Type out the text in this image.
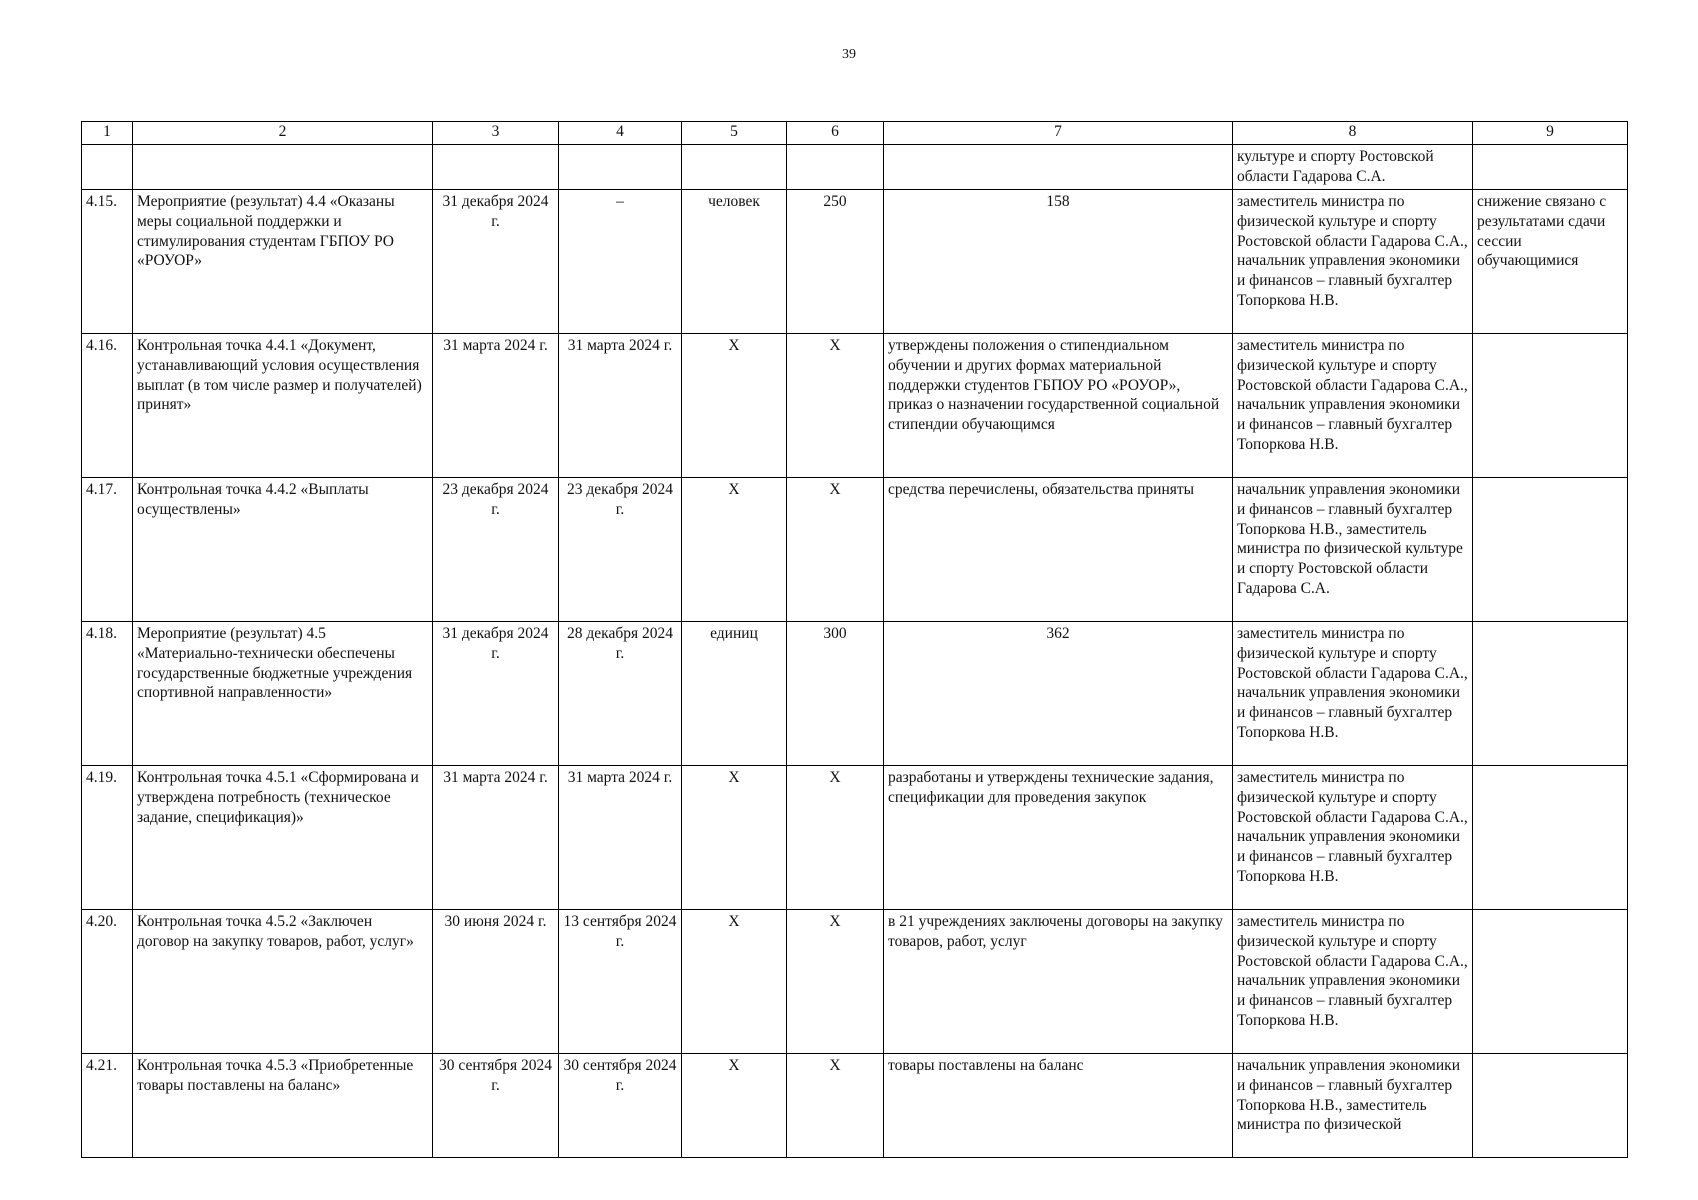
39
1	2	3	4	5	6	7	8	9
							культуре и спорту Ростовской области Гадарова С.А.	
4.15.	Мероприятие (результат) 4.4 «Оказаны меры социальной поддержки и стимулирования студентам ГБПОУ РО «РОУОР»	31 декабря 2024 г.	–	человек	250	158	заместитель министра по физической культуре и спорту Ростовской области Гадарова С.А., начальник управления экономики и финансов – главный бухгалтер Топоркова Н.В.	снижение связано с результатами сдачи сессии обучающимися
4.16.	Контрольная точка 4.4.1 «Документ, устанавливающий условия осуществления выплат (в том числе размер и получателей) принят»	31 марта 2024 г.	31 марта 2024 г.	Х	Х	утверждены положения о стипендиальном обучении и других формах материальной поддержки студентов ГБПОУ РО «РОУОР», приказ о назначении государственной социальной стипендии обучающимся	заместитель министра по физической культуре и спорту Ростовской области Гадарова С.А., начальник управления экономики и финансов – главный бухгалтер Топоркова Н.В.	
4.17.	Контрольная точка 4.4.2 «Выплаты осуществлены»	23 декабря 2024 г.	23 декабря 2024 г.	Х	Х	средства перечислены, обязательства приняты	начальник управления экономики и финансов – главный бухгалтер Топоркова Н.В., заместитель министра по физической культуре и спорту Ростовской области Гадарова С.А.	
4.18.	Мероприятие (результат) 4.5 «Материально-технически обеспечены государственные бюджетные учреждения спортивной направленности»	31 декабря 2024 г.	28 декабря 2024 г.	единиц	300	362	заместитель министра по физической культуре и спорту Ростовской области Гадарова С.А., начальник управления экономики и финансов – главный бухгалтер Топоркова Н.В.	
4.19.	Контрольная точка 4.5.1 «Сформирована и утверждена потребность (техническое задание, спецификация)»	31 марта 2024 г.	31 марта 2024 г.	Х	Х	разработаны и утверждены технические задания, спецификации для проведения закупок	заместитель министра по физической культуре и спорту Ростовской области Гадарова С.А., начальник управления экономики и финансов – главный бухгалтер Топоркова Н.В.	
4.20.	Контрольная точка 4.5.2 «Заключен договор на закупку товаров, работ, услуг»	30 июня 2024 г.	13 сентября 2024 г.	Х	Х	в 21 учреждениях заключены договоры на закупку товаров, работ, услуг	заместитель министра по физической культуре и спорту Ростовской области Гадарова С.А., начальник управления экономики и финансов – главный бухгалтер Топоркова Н.В.	
4.21.	Контрольная точка 4.5.3 «Приобретенные товары поставлены на баланс»	30 сентября 2024 г.	30 сентября 2024 г.	Х	Х	товары поставлены на баланс	начальник управления экономики и финансов – главный бухгалтер Топоркова Н.В., заместитель министра по физической	
